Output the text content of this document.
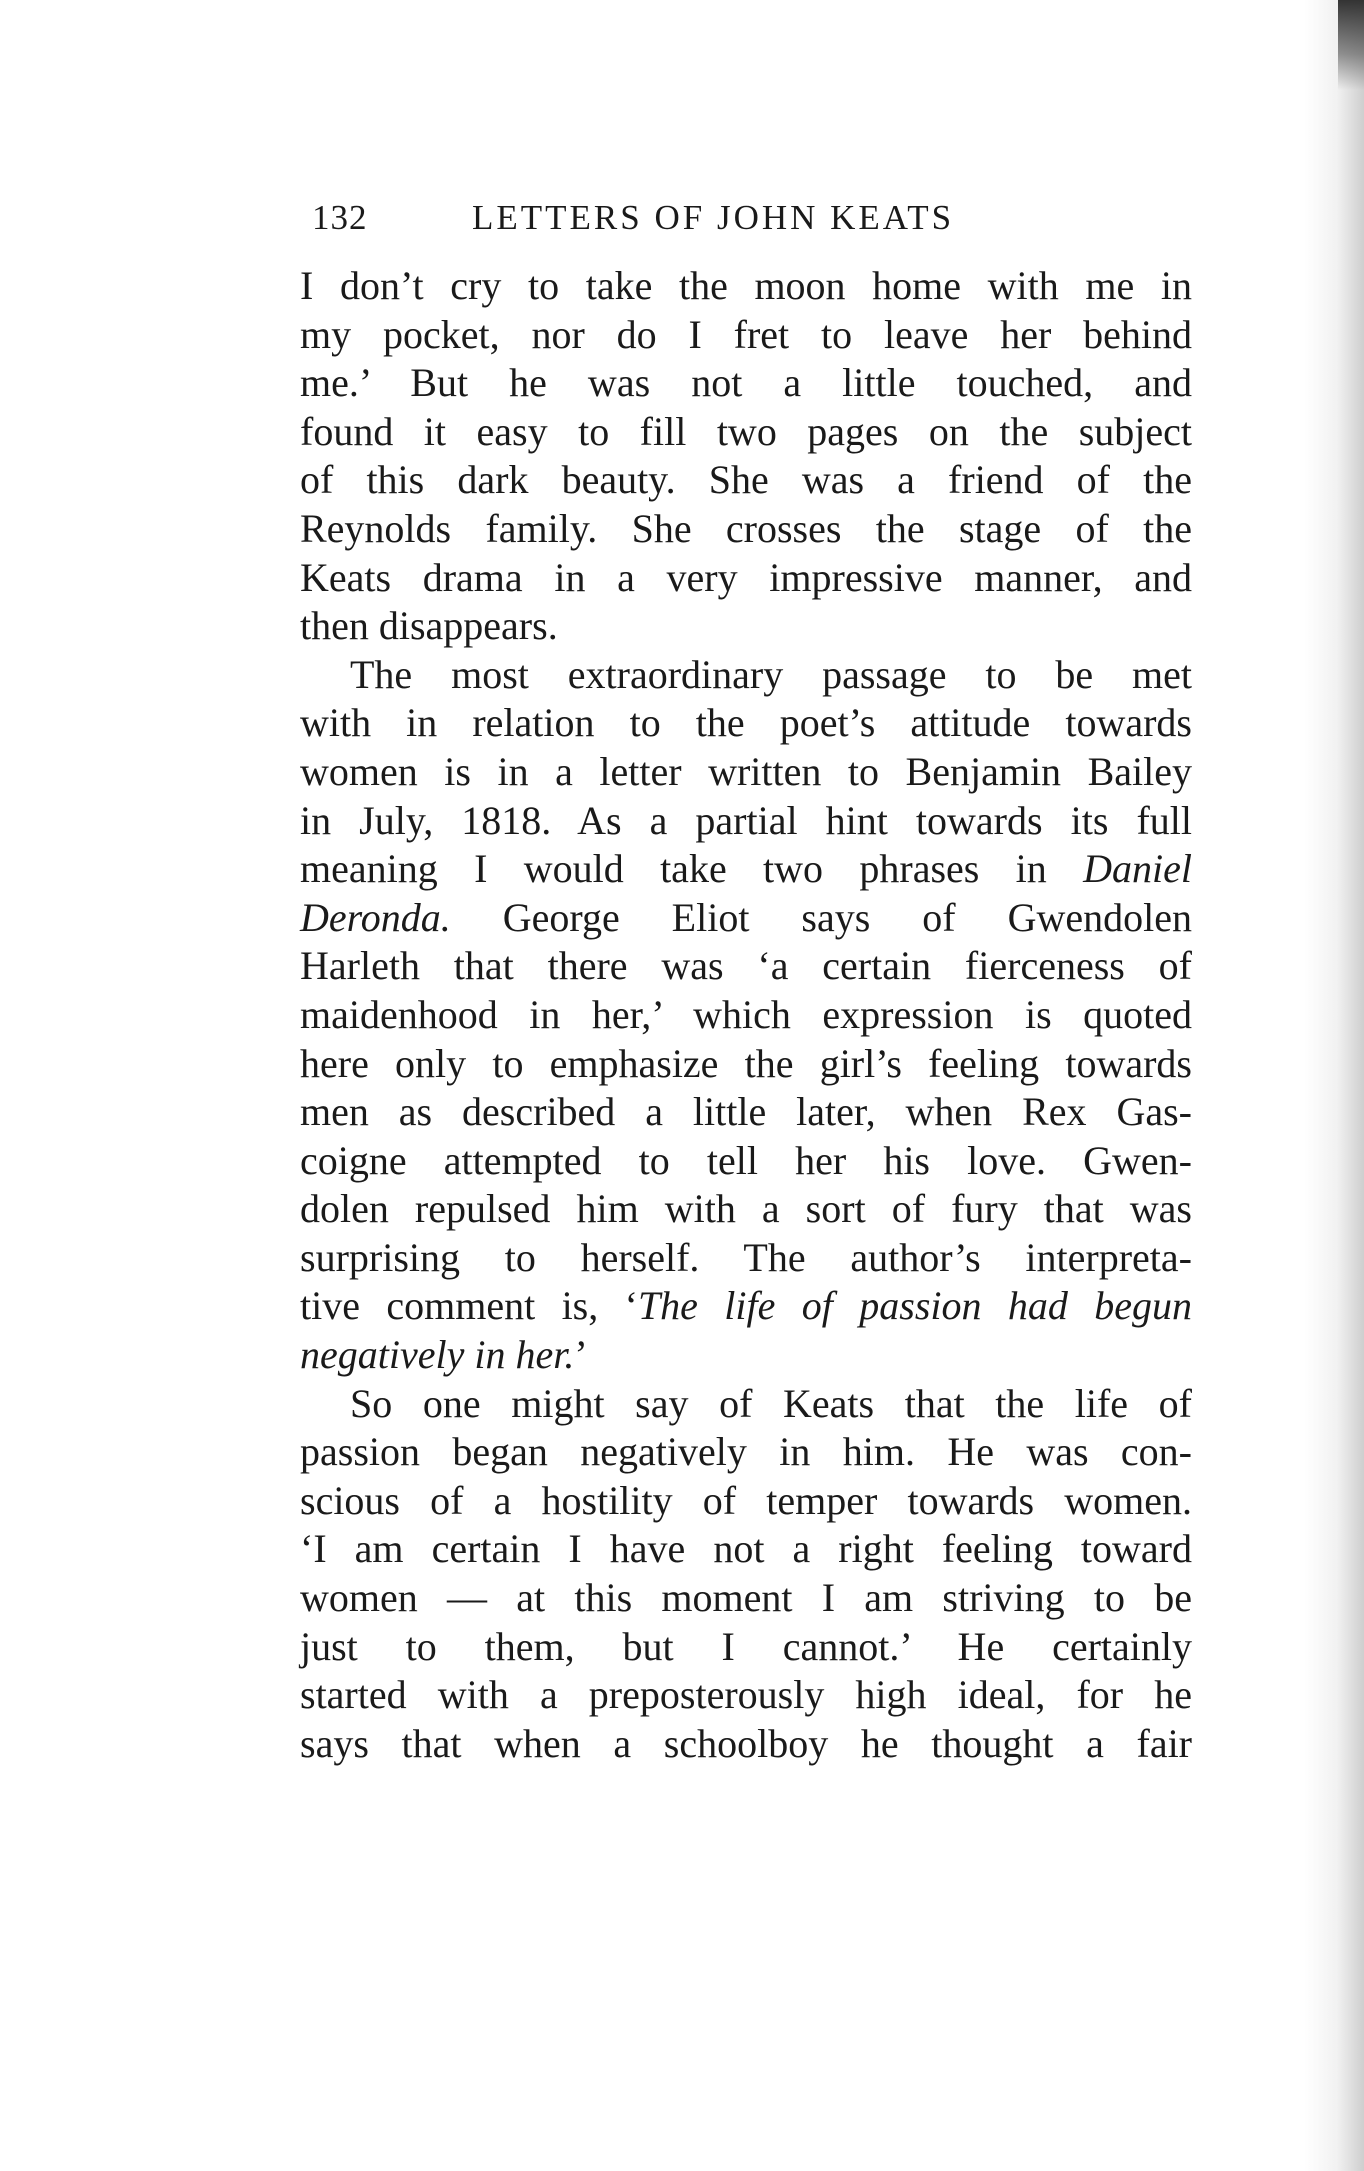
132	LETTERS OF JOHN KEATS
I don’t cry to take the moon home with me in
my pocket, nor do I fret to leave her behind
me.’ But he was not a little touched, and
found it easy to fill two pages on the subject
of this dark beauty. She was a friend of the
Reynolds family. She crosses the stage of the
Keats drama in a very impressive manner, and
then disappears.
The most extraordinary passage to be met
with in relation to the poet’s attitude towards
women is in a letter written to Benjamin Bailey
in July, 1818. As a partial hint towards its full
meaning I would take two phrases in Daniel
Deronda. George Eliot says of Gwendolen
Harleth that there was ‘a certain fierceness of
maidenhood in her,’ which expression is quoted
here only to emphasize the girl’s feeling towards
men as described a little later, when Rex Gas-
coigne attempted to tell her his love. Gwen-
dolen repulsed him with a sort of fury that was
surprising to herself. The author’s interpreta-
tive comment is, ‘The life of passion had begun
negatively in her.’
So one might say of Keats that the life of
passion began negatively in him. He was con-
scious of a hostility of temper towards women.
‘I am certain I have not a right feeling toward
women — at this moment I am striving to be
just to them, but I cannot.’ He certainly
started with a preposterously high ideal, for he
says that when a schoolboy he thought a fair
